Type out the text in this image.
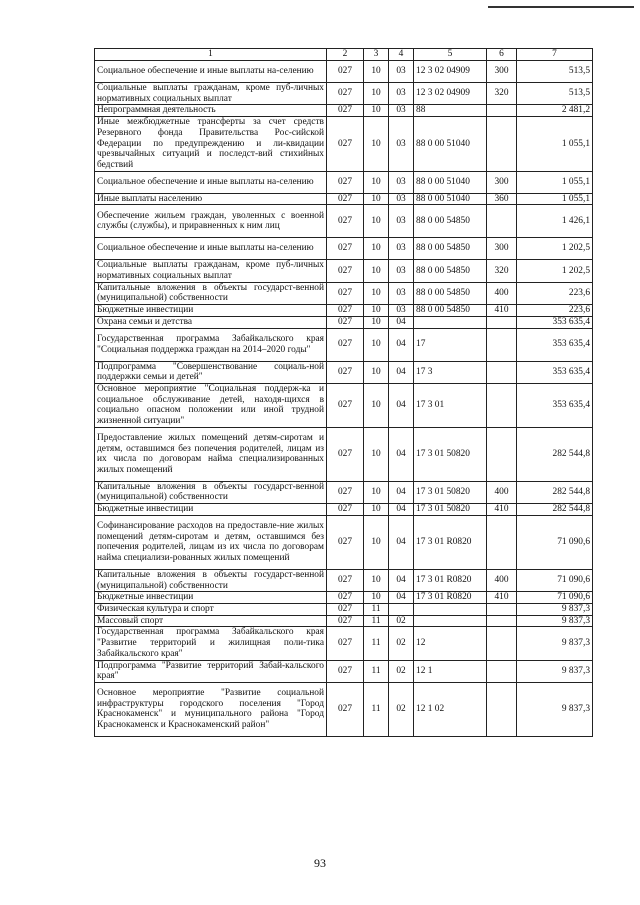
1	2	3	4	5	6	7
Социальное обеспечение и иные выплаты на-селению	027	10	03	12 3 02 04909	300	513,5
Социальные выплаты гражданам, кроме пуб-личных нормативных социальных выплат	027	10	03	12 3 02 04909	320	513,5
Непрограммная деятельность	027	10	03	88		2 481,2
Иные межбюджетные трансферты за счет средств Резервного фонда Правительства Рос-сийской Федерации по предупреждению и ли-квидации чрезвычайных ситуаций и последст-вий стихийных бедствий	027	10	03	88 0 00 51040		1 055,1
Социальное обеспечение и иные выплаты на-селению	027	10	03	88 0 00 51040	300	1 055,1
Иные выплаты населению	027	10	03	88 0 00 51040	360	1 055,1
Обеспечение жильем граждан, уволенных с военной службы (службы), и приравненных к ним лиц	027	10	03	88 0 00 54850		1 426,1
Социальное обеспечение и иные выплаты на-селению	027	10	03	88 0 00 54850	300	1 202,5
Социальные выплаты гражданам, кроме пуб-личных нормативных социальных выплат	027	10	03	88 0 00 54850	320	1 202,5
Капитальные вложения в объекты государст-венной (муниципальной) собственности	027	10	03	88 0 00 54850	400	223,6
Бюджетные инвестиции	027	10	03	88 0 00 54850	410	223,6
Охрана семьи и детства	027	10	04			353 635,4
Государственная программа Забайкальского края "Социальная поддержка граждан на 2014–2020 годы"	027	10	04	17		353 635,4
Подпрограмма "Совершенствование социаль-ной поддержки семьи и детей"	027	10	04	17 3		353 635,4
Основное мероприятие "Социальная поддерж-ка и социальное обслуживание детей, находя-щихся в социально опасном положении или иной трудной жизненной ситуации"	027	10	04	17 3 01		353 635,4
Предоставление жилых помещений детям-сиротам и детям, оставшимся без попечения родителей, лицам из их числа по договорам найма специализированных жилых помещений	027	10	04	17 3 01 50820		282 544,8
Капитальные вложения в объекты государст-венной (муниципальной) собственности	027	10	04	17 3 01 50820	400	282 544,8
Бюджетные инвестиции	027	10	04	17 3 01 50820	410	282 544,8
Софинансирование расходов на предоставле-ние жилых помещений детям-сиротам и детям, оставшимся без попечения родителей, лицам из их числа по договорам найма специализи-рованных жилых помещений	027	10	04	17 3 01 R0820		71 090,6
Капитальные вложения в объекты государст-венной (муниципальной) собственности	027	10	04	17 3 01 R0820	400	71 090,6
Бюджетные инвестиции	027	10	04	17 3 01 R0820	410	71 090,6
Физическая культура и спорт	027	11				9 837,3
Массовый спорт	027	11	02			9 837,3
Государственная программа Забайкальского края "Развитие территорий и жилищная поли-тика Забайкальского края"	027	11	02	12		9 837,3
Подпрограмма "Развитие территорий Забай-кальского края"	027	11	02	12 1		9 837,3
Основное мероприятие "Развитие социальной инфраструктуры городского поселения "Город Краснокаменск" и муниципального района "Город Краснокаменск и Краснокаменский район"	027	11	02	12 1 02		9 837,3
93
